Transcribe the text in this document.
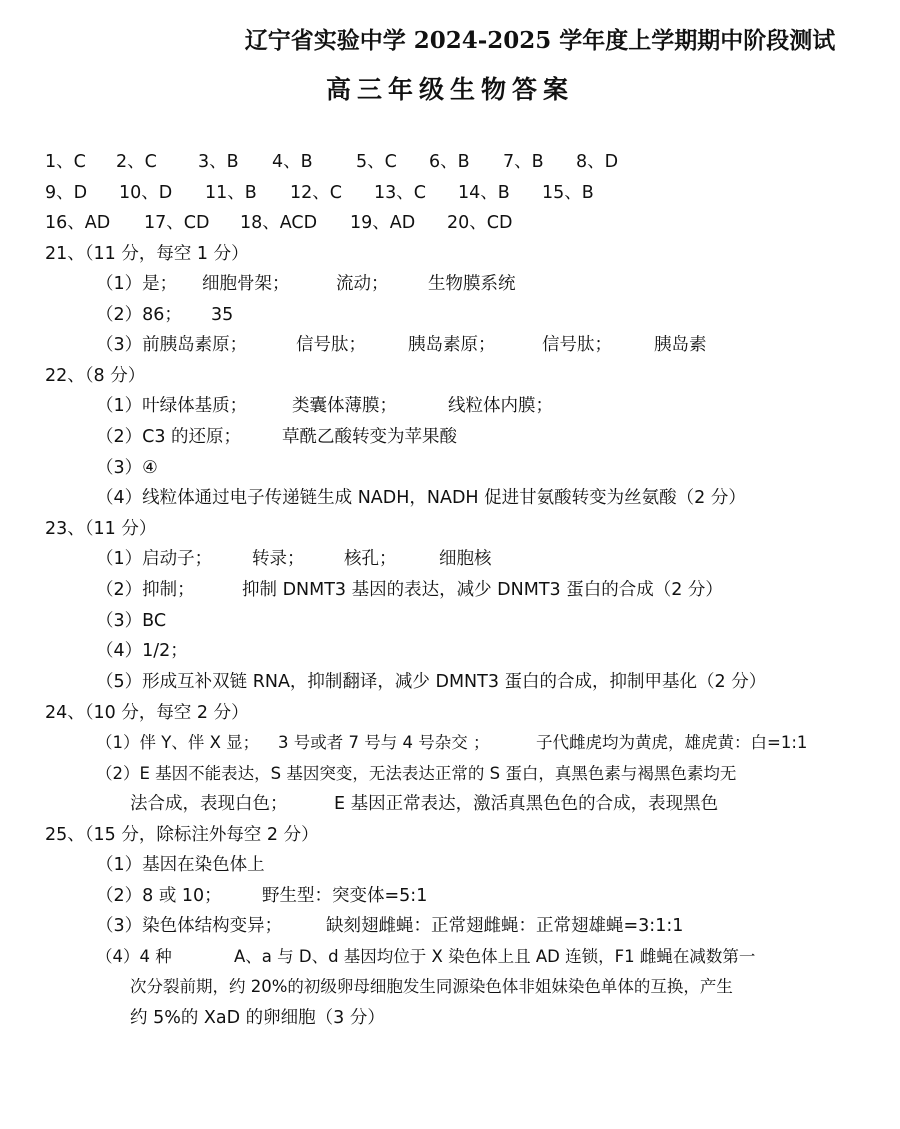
辽宁省实验中学 2024-2025 学年度上学期期中阶段测试
高三年级生物答案
1、C 2、C 3、B 4、B 5、C 6、B 7、B 8、D
9、D 10、D 11、B 12、C 13、C 14、B 15、B
16、AD 17、CD 18、ACD 19、AD 20、CD
21、（11 分，每空 1 分）
（1）是； 细胞骨架；	流动； 生物膜系统
（2）86； 35
（3）前胰岛素原；	信号肽； 胰岛素原；	信号肽； 胰岛素
22、（8 分）
（1）叶绿体基质；	类囊体薄膜；	线粒体内膜；
（2）C3 的还原； 草酰乙酸转变为苹果酸
（3）④
（4）线粒体通过电子传递链生成 NADH，NADH 促进甘氨酸转变为丝氨酸（2 分）
23、（11 分）
（1）启动子； 转录； 核孔； 细胞核
（2）抑制；	抑制 DNMT3 基因的表达，减少 DNMT3 蛋白的合成（2 分）
（3）BC
（4）1/2；
（5）形成互补双链 RNA，抑制翻译，减少 DMNT3 蛋白的合成，抑制甲基化（2 分）
24、（10 分，每空 2 分）
（1）伴 Y、伴 X 显； 3 号或者 7 号与 4 号杂交 ；	子代雌虎均为黄虎，雄虎黄：白=1:1
（2）E 基因不能表达，S 基因突变，无法表达正常的 S 蛋白，真黑色素与褐黑色素均无
法合成，表现白色；	E 基因正常表达，激活真黑色色的合成，表现黑色
25、（15 分，除标注外每空 2 分）
（1）基因在染色体上
（2）8 或 10； 野生型：突变体=5:1
（3）染色体结构变异；	缺刻翅雌蝇：正常翅雌蝇：正常翅雄蝇=3:1:1
（4）4 种	A、a 与 D、d 基因均位于 X 染色体上且 AD 连锁，F1 雌蝇在减数第一
次分裂前期，约 20%的初级卵母细胞发生同源染色体非姐妹染色单体的互换，产生
约 5%的 XaD 的卵细胞（3 分）
